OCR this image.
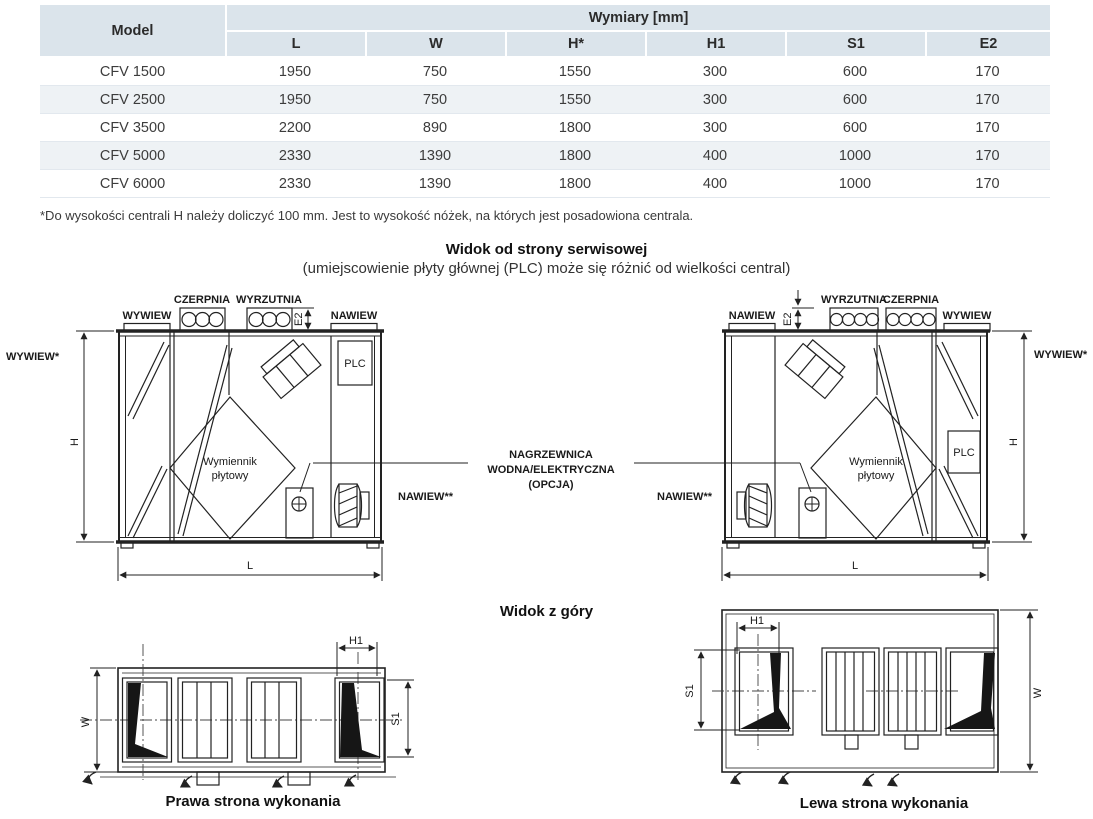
Model	Wymiary [mm]					
	L	W	H*	H1	S1	E2
CFV 1500	1950	750	1550	300	600	170
CFV 2500	1950	750	1550	300	600	170
CFV 3500	2200	890	1800	300	600	170
CFV 5000	2330	1390	1800	400	1000	170
CFV 6000	2330	1390	1800	400	1000	170
*Do wysokości centrali H należy doliczyć 100 mm. Jest to wysokość nóżek, na których jest posadowiona centrala.
Widok od strony serwisowej
(umiejscowienie płyty głównej (PLC) może się różnić od wielkości central)
Widok z góry
WYWIEW
CZERPNIA WYRZUTNIA
NAWIEW
E2
WYWIEW*
H
PLC
Wymiennik
płytowy
NAWIEW**
L
NAGRZEWNICA
WODNA/ELEKTRYCZNA
(OPCJA)
NAWIEW E2
WYRZUTNIA
CZERPNIA
WYWIEW
WYWIEW*
H
PLC
Wymiennik
płytowy
NAWIEW**
L
W
H1
S1
Prawa strona wykonania
H1
S1	W
Lewa strona wykonania
